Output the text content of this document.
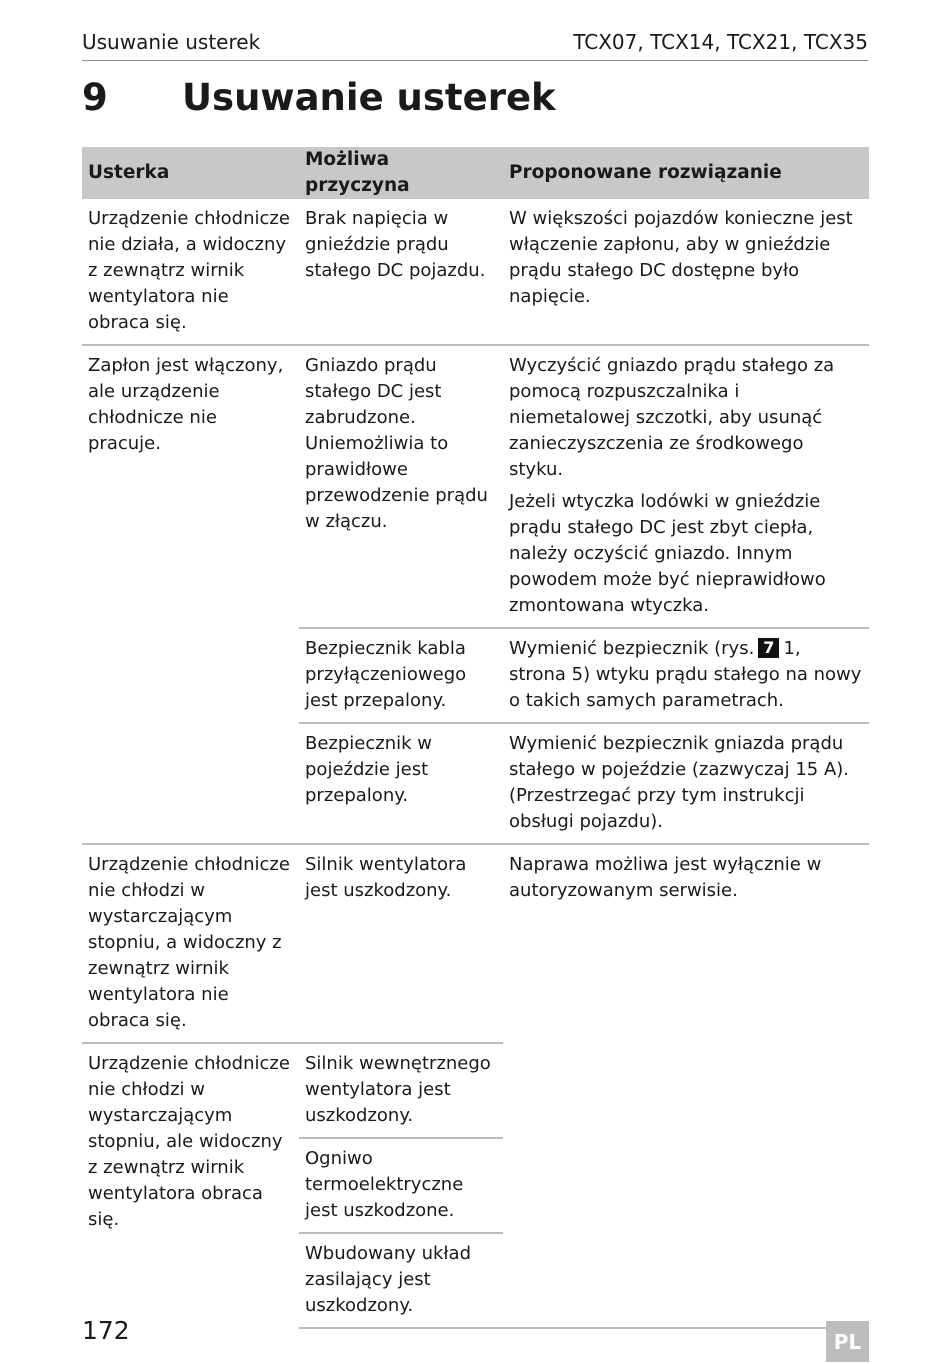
Usuwanie usterek	TCX07, TCX14, TCX21, TCX35
9 Usuwanie usterek
Usterka	Możliwa przyczyna	Proponowane rozwiązanie

Urządzenie chłodnicze nie działa, a widoczny z zewnątrz wirnik wentylatora nie obraca się.	Brak napięcia w gnieździe prądu stałego DC pojazdu.	W większości pojazdów konieczne jest włączenie zapłonu, aby w gnieździe prądu stałego DC dostępne było napięcie.

Zapłon jest włączony, ale urządzenie chłodnicze nie pracuje.	Gniazdo prądu stałego DC jest zabrudzone. Uniemożliwia to prawidłowe przewodzenie prądu w złączu.	Wyczyścić gniazdo prądu stałego za pomocą rozpuszczalnika i niemetalowej szczotki, aby usunąć zanieczyszczenia ze środkowego styku.

Jeżeli wtyczka lodówki w gnieździe prądu stałego DC jest zbyt ciepła, należy oczyścić gniazdo. Innym powodem może być nieprawidłowo zmontowana wtyczka.

	Bezpiecznik kabla przyłączeniowego jest przepalony.	Wymienić bezpiecznik (rys. 7 1, strona 5) wtyku prądu stałego na nowy o takich samych parametrach.

	Bezpiecznik w pojeździe jest przepalony.	Wymienić bezpiecznik gniazda prądu stałego w pojeździe (zazwyczaj 15 A). (Przestrzegać przy tym instrukcji obsługi pojazdu).

Urządzenie chłodnicze nie chłodzi w wystarczającym stopniu, a widoczny z zewnątrz wirnik wentylatora nie obraca się.	Silnik wentylatora jest uszkodzony.	Naprawa możliwa jest wyłącznie w autoryzowanym serwisie.

Urządzenie chłodnicze nie chłodzi w wystarczającym stopniu, ale widoczny z zewnątrz wirnik wentylatora obraca się.	Silnik wewnętrznego wentylatora jest uszkodzony.	

	Ogniwo termoelektryczne jest uszkodzone.	

	Wbudowany układ zasilający jest uszkodzony.	

172	PL
